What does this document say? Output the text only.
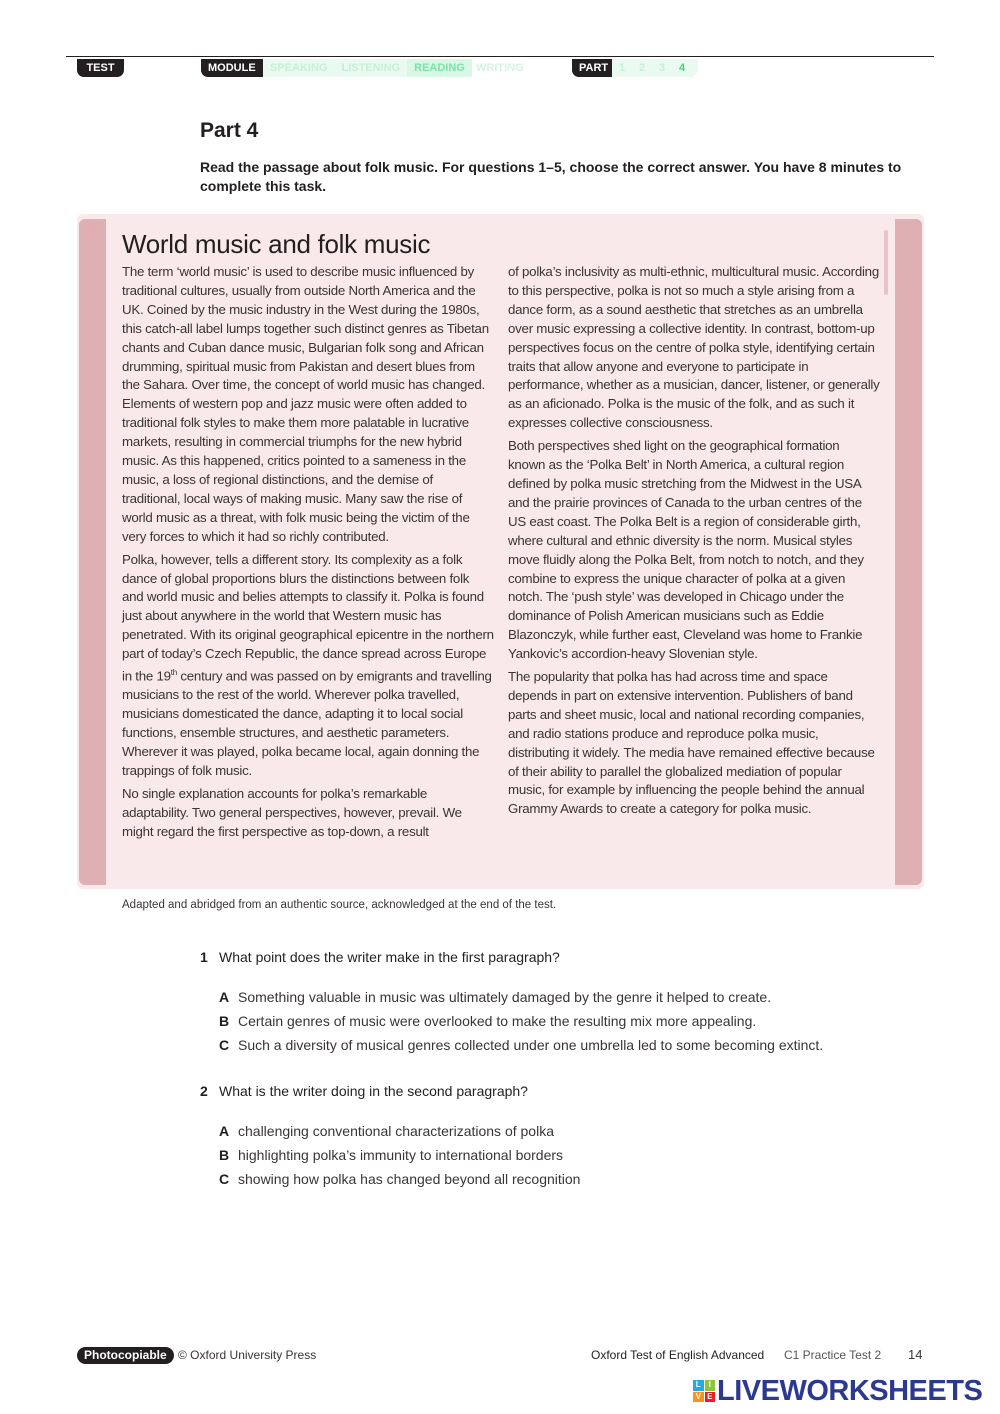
TEST 2
MODULE	SPEAKING	LISTENING	READING	WRITING	PART 1	2	3	4
Part 4

Read the passage about folk music. For questions 1–5, choose the correct answer. You have 8 minutes to complete this task.

× World music and folk music

The term ‘world music’ is used to describe music influenced by traditional cultures, usually from outside North America and the UK. Coined by the music industry in the West during the 1980s, this catch-all label lumps together such distinct genres as Tibetan chants and Cuban dance music, Bulgarian folk song and African drumming, spiritual music from Pakistan and desert blues from the Sahara. Over time, the concept of world music has changed. Elements of western pop and jazz music were often added to traditional folk styles to make them more palatable in lucrative markets, resulting in commercial triumphs for the new hybrid music. As this happened, critics pointed to a sameness in the music, a loss of regional distinctions, and the demise of traditional, local ways of making music. Many saw the rise of world music as a threat, with folk music being the victim of the very forces to which it had so richly contributed.

Polka, however, tells a different story. Its complexity as a folk dance of global proportions blurs the distinctions between folk and world music and belies attempts to classify it. Polka is found just about anywhere in the world that Western music has penetrated. With its original geographical epicentre in the northern part of today’s Czech Republic, the dance spread across Europe in the 19th century and was passed on by emigrants and travelling musicians to the rest of the world. Wherever polka travelled, musicians domesticated the dance, adapting it to local social functions, ensemble structures, and aesthetic parameters. Wherever it was played, polka became local, again donning the trappings of folk music.

No single explanation accounts for polka’s remarkable adaptability. Two general perspectives, however, prevail. We might regard the first perspective as top-down, a result

of polka’s inclusivity as multi-ethnic, multicultural music. According to this perspective, polka is not so much a style arising from a dance form, as a sound aesthetic that stretches as an umbrella over music expressing a collective identity. In contrast, bottom-up perspectives focus on the centre of polka style, identifying certain traits that allow anyone and everyone to participate in performance, whether as a musician, dancer, listener, or generally as an aficionado. Polka is the music of the folk, and as such it expresses collective consciousness.

Both perspectives shed light on the geographical formation known as the ‘Polka Belt’ in North America, a cultural region defined by polka music stretching from the Midwest in the USA and the prairie provinces of Canada to the urban centres of the US east coast. The Polka Belt is a region of considerable girth, where cultural and ethnic diversity is the norm. Musical styles move fluidly along the Polka Belt, from notch to notch, and they combine to express the unique character of polka at a given notch. The ‘push style’ was developed in Chicago under the dominance of Polish American musicians such as Eddie Blazonczyk, while further east, Cleveland was home to Frankie Yankovic’s accordion-heavy Slovenian style.

The popularity that polka has had across time and space depends in part on extensive intervention. Publishers of band parts and sheet music, local and national recording companies, and radio stations produce and reproduce polka music, distributing it widely. The media have remained effective because of their ability to parallel the globalized mediation of popular music, for example by influencing the people behind the annual Grammy Awards to create a category for polka music.

Adapted and abridged from an authentic source, acknowledged at the end of the test.

1 What point does the writer make in the first paragraph?
A Something valuable in music was ultimately damaged by the genre it helped to create.
B Certain genres of music were overlooked to make the resulting mix more appealing.
C Such a diversity of musical genres collected under one umbrella led to some becoming extinct.
2 What is the writer doing in the second paragraph?
A challenging conventional characterizations of polka
B highlighting polka’s immunity to international borders
C showing how polka has changed beyond all recognition
Photocopiable © Oxford University Press	Oxford Test of English Advanced C1 Practice Test 2 14
L I
V E LIVEWORKSHEETS
